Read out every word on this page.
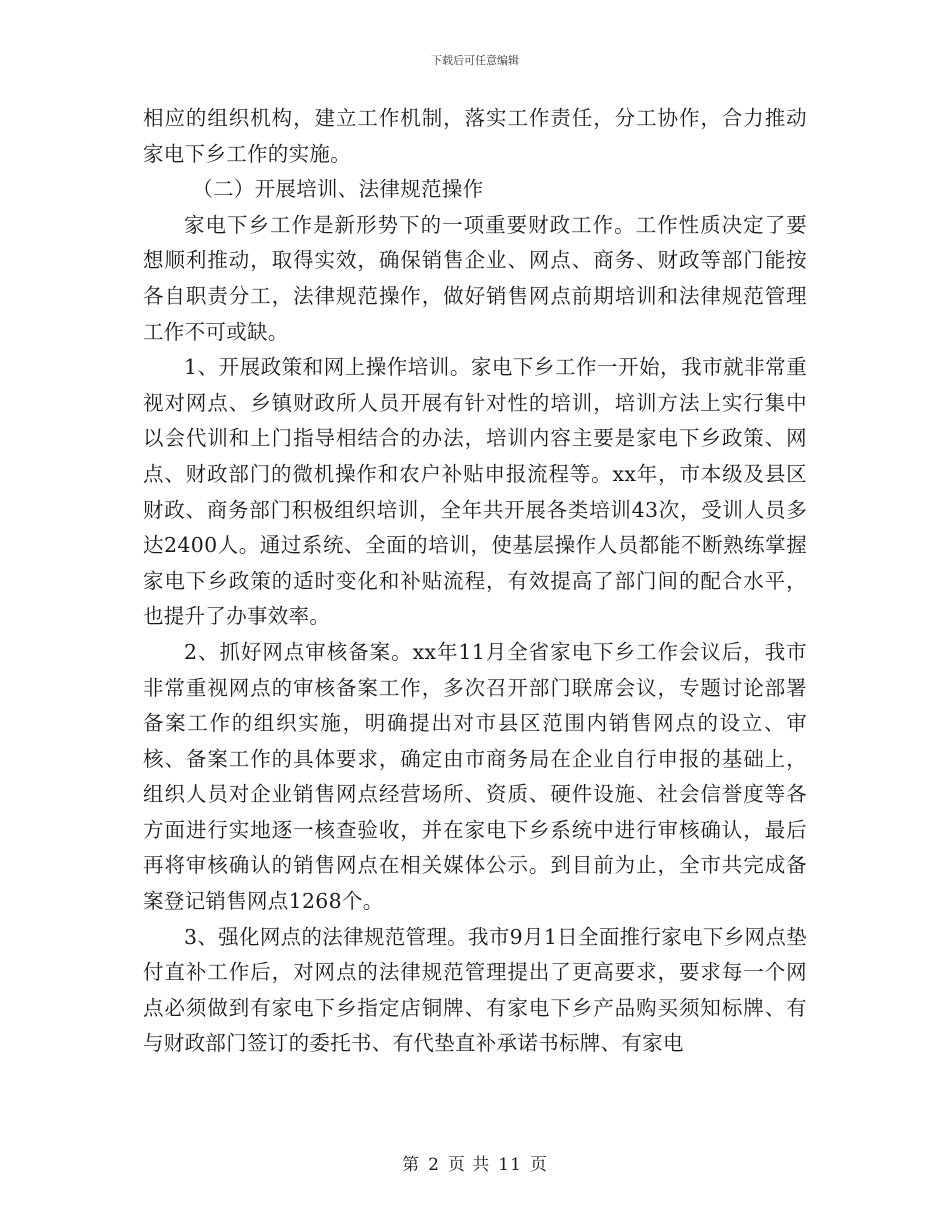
下载后可任意编辑

相应的组织机构，建立工作机制，落实工作责任，分工协作，合力推动家电下乡工作的实施。

（二）开展培训、法律规范操作

家电下乡工作是新形势下的一项重要财政工作。工作性质决定了要想顺利推动，取得实效，确保销售企业、网点、商务、财政等部门能按各自职责分工，法律规范操作，做好销售网点前期培训和法律规范管理工作不可或缺。

1、开展政策和网上操作培训。家电下乡工作一开始，我市就非常重视对网点、乡镇财政所人员开展有针对性的培训，培训方法上实行集中以会代训和上门指导相结合的办法，培训内容主要是家电下乡政策、网点、财政部门的微机操作和农户补贴申报流程等。xx年，市本级及县区财政、商务部门积极组织培训，全年共开展各类培训43次，受训人员多达2400人。通过系统、全面的培训，使基层操作人员都能不断熟练掌握家电下乡政策的适时变化和补贴流程，有效提高了部门间的配合水平，也提升了办事效率。

2、抓好网点审核备案。xx年11月全省家电下乡工作会议后，我市非常重视网点的审核备案工作，多次召开部门联席会议，专题讨论部署备案工作的组织实施，明确提出对市县区范围内销售网点的设立、审核、备案工作的具体要求，确定由市商务局在企业自行申报的基础上，组织人员对企业销售网点经营场所、资质、硬件设施、社会信誉度等各方面进行实地逐一核查验收，并在家电下乡系统中进行审核确认，最后再将审核确认的销售网点在相关媒体公示。到目前为止，全市共完成备案登记销售网点1268个。

3、强化网点的法律规范管理。我市9月1日全面推行家电下乡网点垫付直补工作后，对网点的法律规范管理提出了更高要求，要求每一个网点必须做到有家电下乡指定店铜牌、有家电下乡产品购买须知标牌、有与财政部门签订的委托书、有代垫直补承诺书标牌、有家电

第 2 页 共 11 页
